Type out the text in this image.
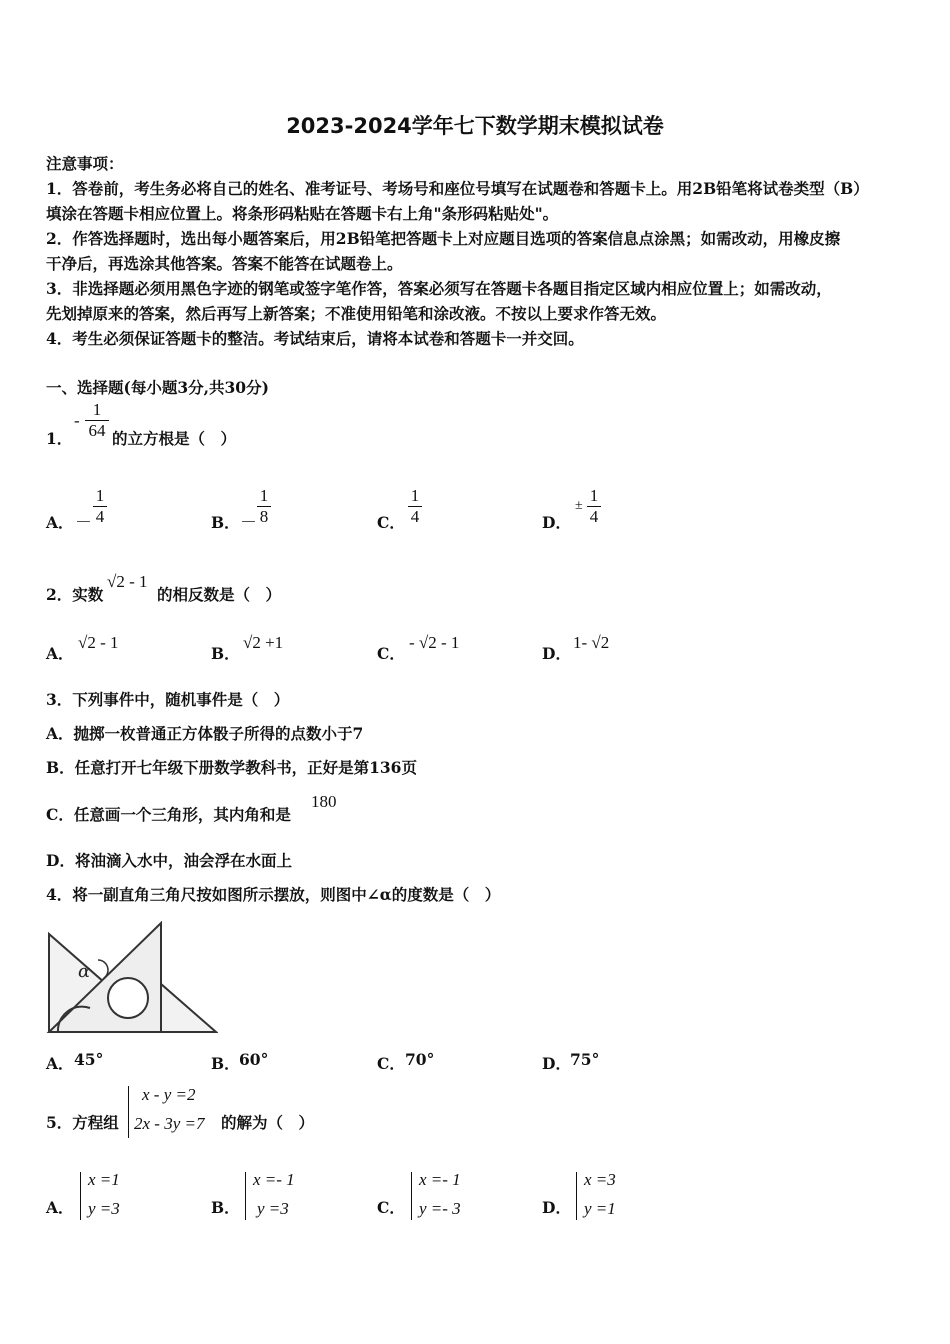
2023-2024学年七下数学期末模拟试卷
注意事项：
1．答卷前，考生务必将自己的姓名、准考证号、考场号和座位号填写在试题卷和答题卡上。用2B铅笔将试卷类型（B）
填涂在答题卡相应位置上。将条形码粘贴在答题卡右上角"条形码粘贴处"。
2．作答选择题时，选出每小题答案后，用2B铅笔把答题卡上对应题目选项的答案信息点涂黑；如需改动，用橡皮擦
干净后，再选涂其他答案。答案不能答在试题卷上。
3．非选择题必须用黑色字迹的钢笔或签字笔作答，答案必须写在答题卡各题目指定区域内相应位置上；如需改动，
先划掉原来的答案，然后再写上新答案；不准使用铅笔和涂改液。不按以上要求作答无效。
4．考生必须保证答题卡的整洁。考试结束后，请将本试卷和答题卡一并交回。
一、选择题(每小题3分,共30分)
1．
-
1
64 的立方根是（　）
A． －
1
4	B． －
1
8	C．
1
4	D．
±
1
4
2．实数
√2 - 1
的相反数是（　）
A．
√2 - 1
B．
√2 +1
C．
- √2 - 1
D．
1- √2
3．下列事件中，随机事件是（　）
A．抛掷一枚普通正方体骰子所得的点数小于7
B．任意打开七年级下册数学教科书，正好是第136页
C．任意画一个三角形，其内角和是
180
D．将油滴入水中，油会浮在水面上
4．将一副直角三角尺按如图所示摆放，则图中∠α的度数是（　）
α
A． 45°	B． 60°	C． 70°	D． 75°
5．方程组
x - y =2
2x - 3y =7 的解为（　）
A．
x =1
y =3	B．
x =- 1
y =3	C．
x =- 1
y =- 3	D．
x =3
y =1
